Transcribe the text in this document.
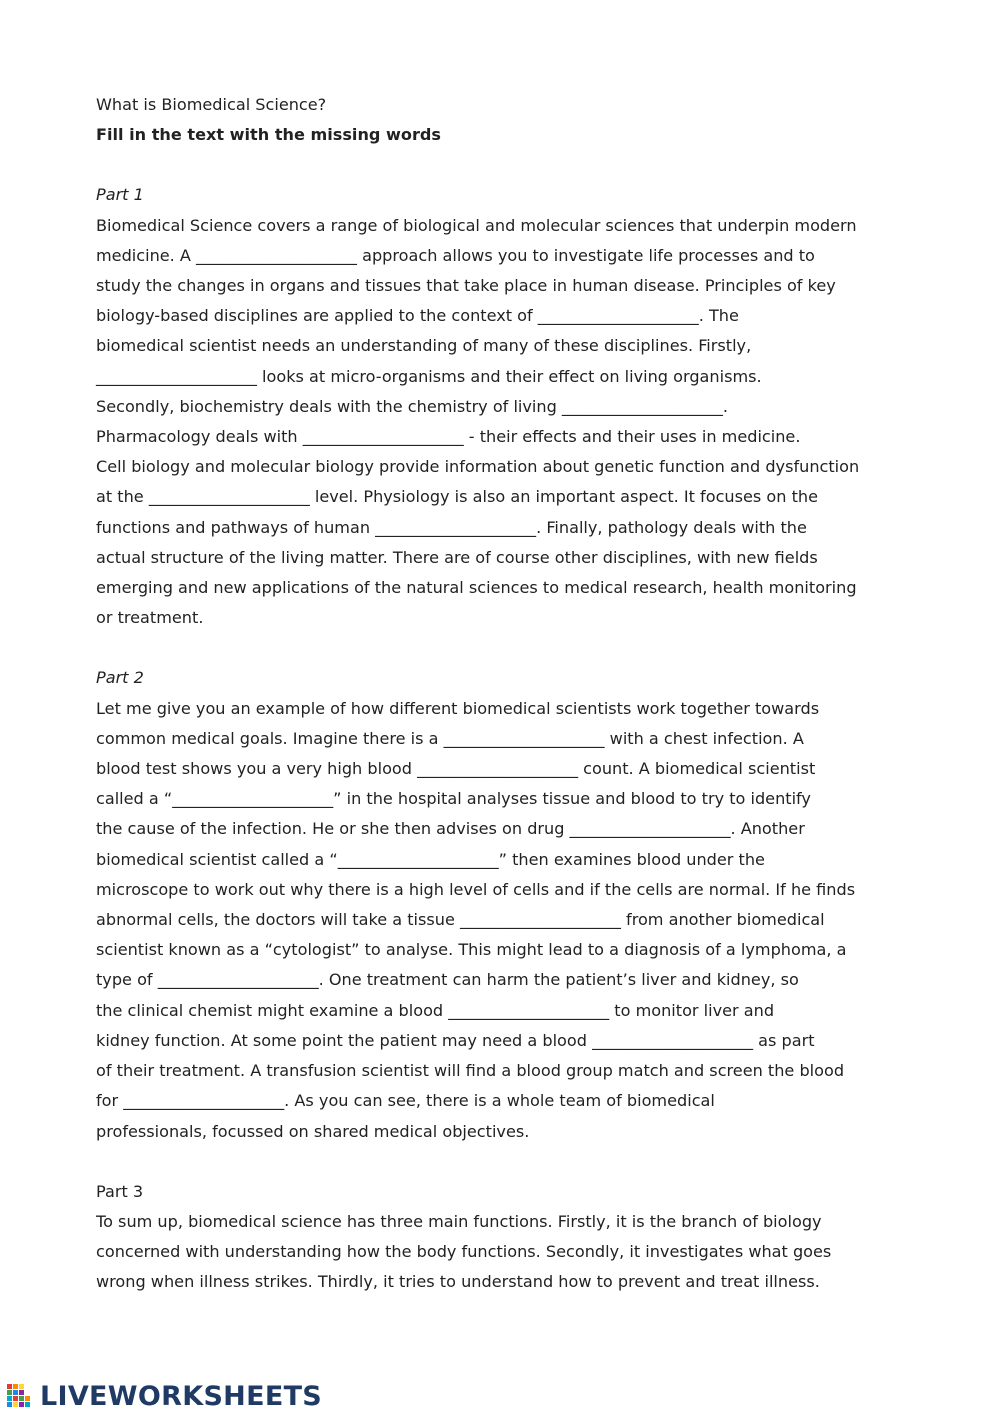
What is Biomedical Science?

Fill in the text with the missing words

Part 1

Biomedical Science covers a range of biological and molecular sciences that underpin modern

medicine. A ____________________ approach allows you to investigate life processes and to

study the changes in organs and tissues that take place in human disease. Principles of key

biology-based disciplines are applied to the context of ____________________. The

biomedical scientist needs an understanding of many of these disciplines. Firstly,

____________________ looks at micro-organisms and their effect on living organisms.

Secondly, biochemistry deals with the chemistry of living ____________________.

Pharmacology deals with ____________________ - their effects and their uses in medicine.

Cell biology and molecular biology provide information about genetic function and dysfunction

at the ____________________ level. Physiology is also an important aspect. It focuses on the

functions and pathways of human ____________________. Finally, pathology deals with the

actual structure of the living matter. There are of course other disciplines, with new fields

emerging and new applications of the natural sciences to medical research, health monitoring

or treatment.

Part 2

Let me give you an example of how different biomedical scientists work together towards

common medical goals. Imagine there is a ____________________ with a chest infection. A

blood test shows you a very high blood ____________________ count. A biomedical scientist

called a “____________________” in the hospital analyses tissue and blood to try to identify

the cause of the infection. He or she then advises on drug ____________________. Another

biomedical scientist called a “____________________” then examines blood under the

microscope to work out why there is a high level of cells and if the cells are normal. If he finds

abnormal cells, the doctors will take a tissue ____________________ from another biomedical

scientist known as a “cytologist” to analyse. This might lead to a diagnosis of a lymphoma, a

type of ____________________. One treatment can harm the patient’s liver and kidney, so

the clinical chemist might examine a blood ____________________ to monitor liver and

kidney function. At some point the patient may need a blood ____________________ as part

of their treatment. A transfusion scientist will find a blood group match and screen the blood

for ____________________. As you can see, there is a whole team of biomedical

professionals, focussed on shared medical objectives.

Part 3

To sum up, biomedical science has three main functions. Firstly, it is the branch of biology

concerned with understanding how the body functions. Secondly, it investigates what goes

wrong when illness strikes. Thirdly, it tries to understand how to prevent and treat illness.

LIVEWORKSHEETS
